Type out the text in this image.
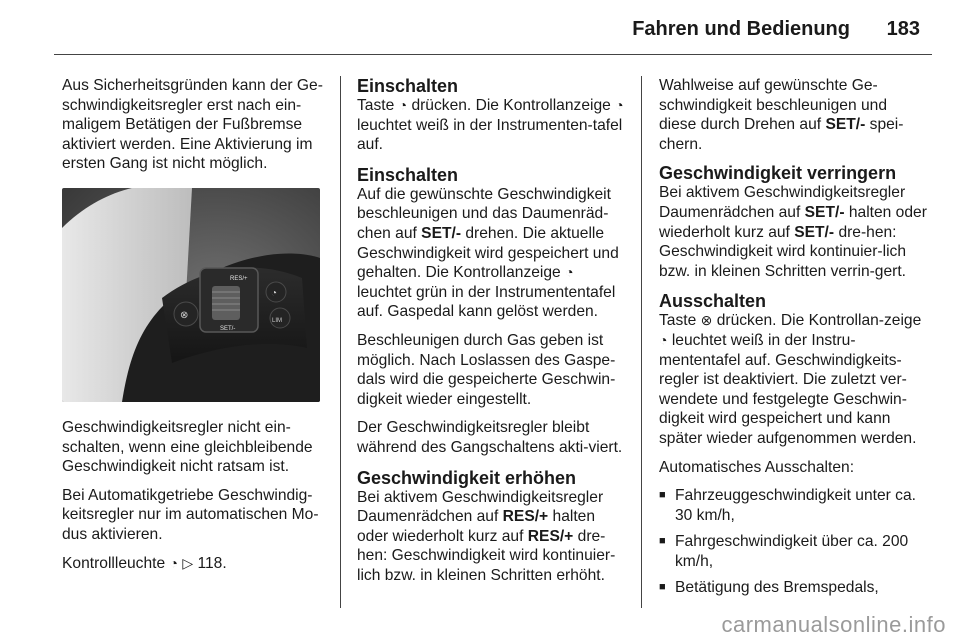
Fahren und Bedienung 183

Aus Sicherheitsgründen kann der Ge-schwindigkeitsregler erst nach ein-maligem Betätigen der Fußbremse aktiviert werden. Eine Aktivierung im ersten Gang ist nicht möglich.

RES/+
SET/-
⊗
◔
LIM

Geschwindigkeitsregler nicht ein-schalten, wenn eine gleichbleibende Geschwindigkeit nicht ratsam ist.

Bei Automatikgetriebe Geschwindig-keitsregler nur im automatischen Mo-dus aktivieren.

Kontrollleuchte ◔ ▷ 118.

Einschalten

Taste ◔ drücken. Die Kontrollanzeige ◔ leuchtet weiß in der Instrumenten-tafel auf.

Einschalten

Auf die gewünschte Geschwindigkeit beschleunigen und das Daumenräd-chen auf SET/- drehen. Die aktuelle Geschwindigkeit wird gespeichert und gehalten. Die Kontrollanzeige ◔ leuchtet grün in der Instrumententafel auf. Gaspedal kann gelöst werden.

Beschleunigen durch Gas geben ist möglich. Nach Loslassen des Gaspe-dals wird die gespeicherte Geschwin-digkeit wieder eingestellt.

Der Geschwindigkeitsregler bleibt während des Gangschaltens akti-viert.

Geschwindigkeit erhöhen

Bei aktivem Geschwindigkeitsregler Daumenrädchen auf RES/+ halten oder wiederholt kurz auf RES/+ dre-hen: Geschwindigkeit wird kontinuier-lich bzw. in kleinen Schritten erhöht.

Wahlweise auf gewünschte Ge-schwindigkeit beschleunigen und diese durch Drehen auf SET/- spei-chern.

Geschwindigkeit verringern

Bei aktivem Geschwindigkeitsregler Daumenrädchen auf SET/- halten oder wiederholt kurz auf SET/- dre-hen: Geschwindigkeit wird kontinuier-lich bzw. in kleinen Schritten verrin-gert.

Ausschalten

Taste ⊗ drücken. Die Kontrollan-zeige ◔ leuchtet weiß in der Instru-mententafel auf. Geschwindigkeits-regler ist deaktiviert. Die zuletzt ver-wendete und festgelegte Geschwin-digkeit wird gespeichert und kann später wieder aufgenommen werden.

Automatisches Ausschalten:

■ Fahrzeuggeschwindigkeit unter ca. 30 km/h,
■ Fahrgeschwindigkeit über ca. 200 km/h,
■ Betätigung des Bremspedals,
carmanualsonline.info
